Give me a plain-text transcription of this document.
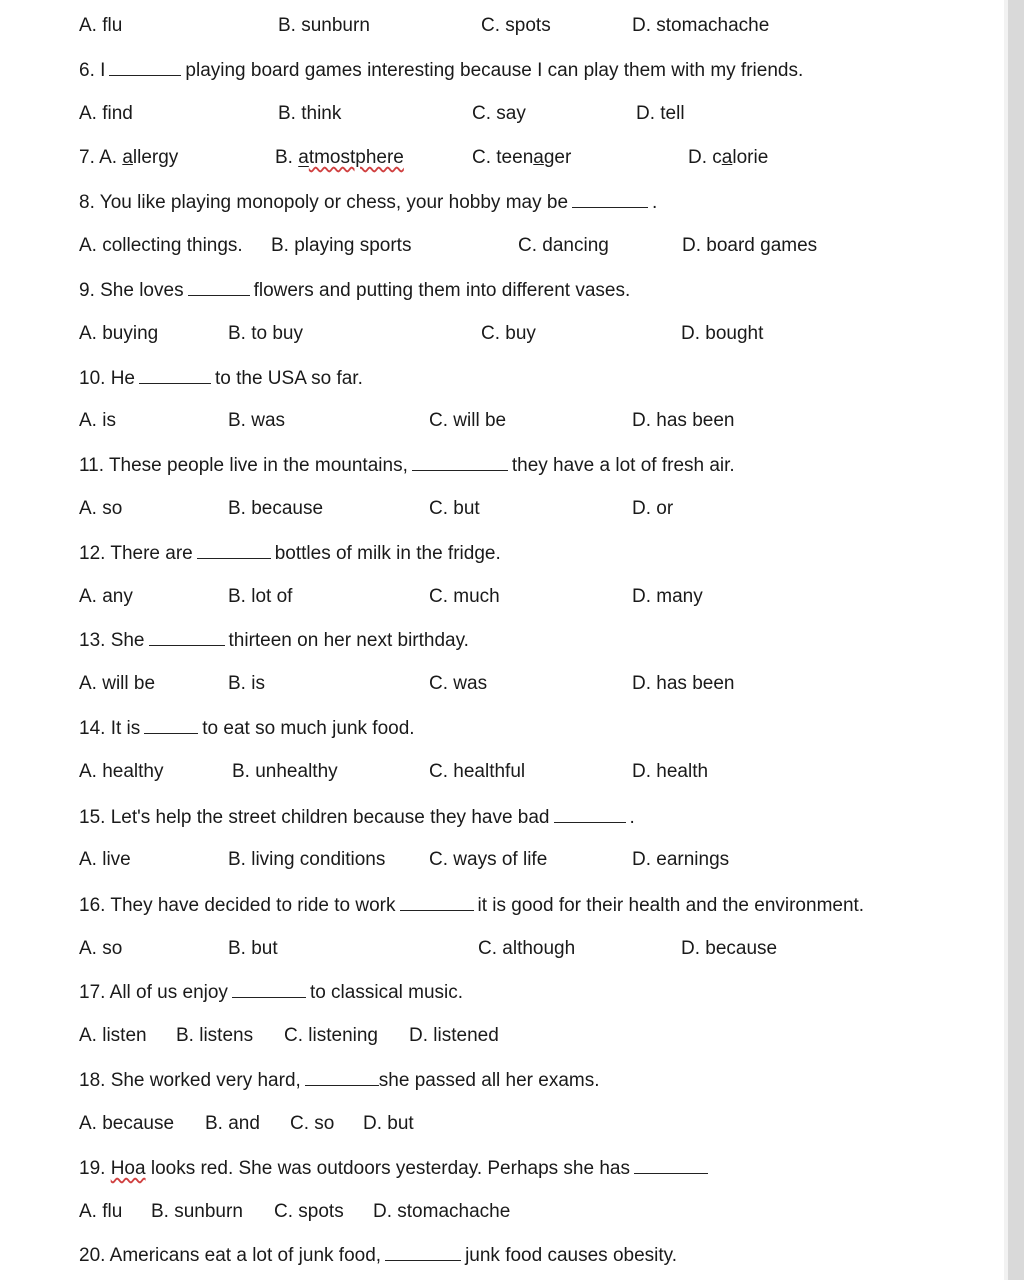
A. flu	B. sunburn	C. spots	D. stomachache
6. I	playing board games interesting because I can play them with my friends.
A. find	B. think	C. say	D. tell
7. A. allergy	B. atmostphere	C. teenager	D. calorie
8. You like playing monopoly or chess, your hobby may be	.
A. collecting things. B. playing sports	C. dancing	D. board games
9. She loves	flowers and putting them into different vases.
A. buying	B. to buy	C. buy	D. bought
10. He	to the USA so far.
A. is	B. was	C. will be	D. has been
11. These people live in the mountains,	they have a lot of fresh air.
A. so	B. because	C. but	D. or
12. There are	bottles of milk in the fridge.
A. any	B. lot of	C. much	D. many
13. She	thirteen on her next birthday.
A. will be	B. is	C. was	D. has been
14. It is	to eat so much junk food.
A. healthy	B. unhealthy	C. healthful	D. health
15. Let's help the street children because they have bad	.
A. live	B. living conditions C. ways of life	D. earnings
16. They have decided to ride to work	it is good for their health and the environment.
A. so	B. but	C. although	D. because
17. All of us enjoy	to classical music.
A. listen B. listens C. listening D. listened
18. She worked very hard,	she passed all her exams.
A. because B. and C. so D. but
19. Hoa looks red. She was outdoors yesterday. Perhaps she has
A. flu B. sunburn C. spots D. stomachache
20. Americans eat a lot of junk food,	junk food causes obesity.
